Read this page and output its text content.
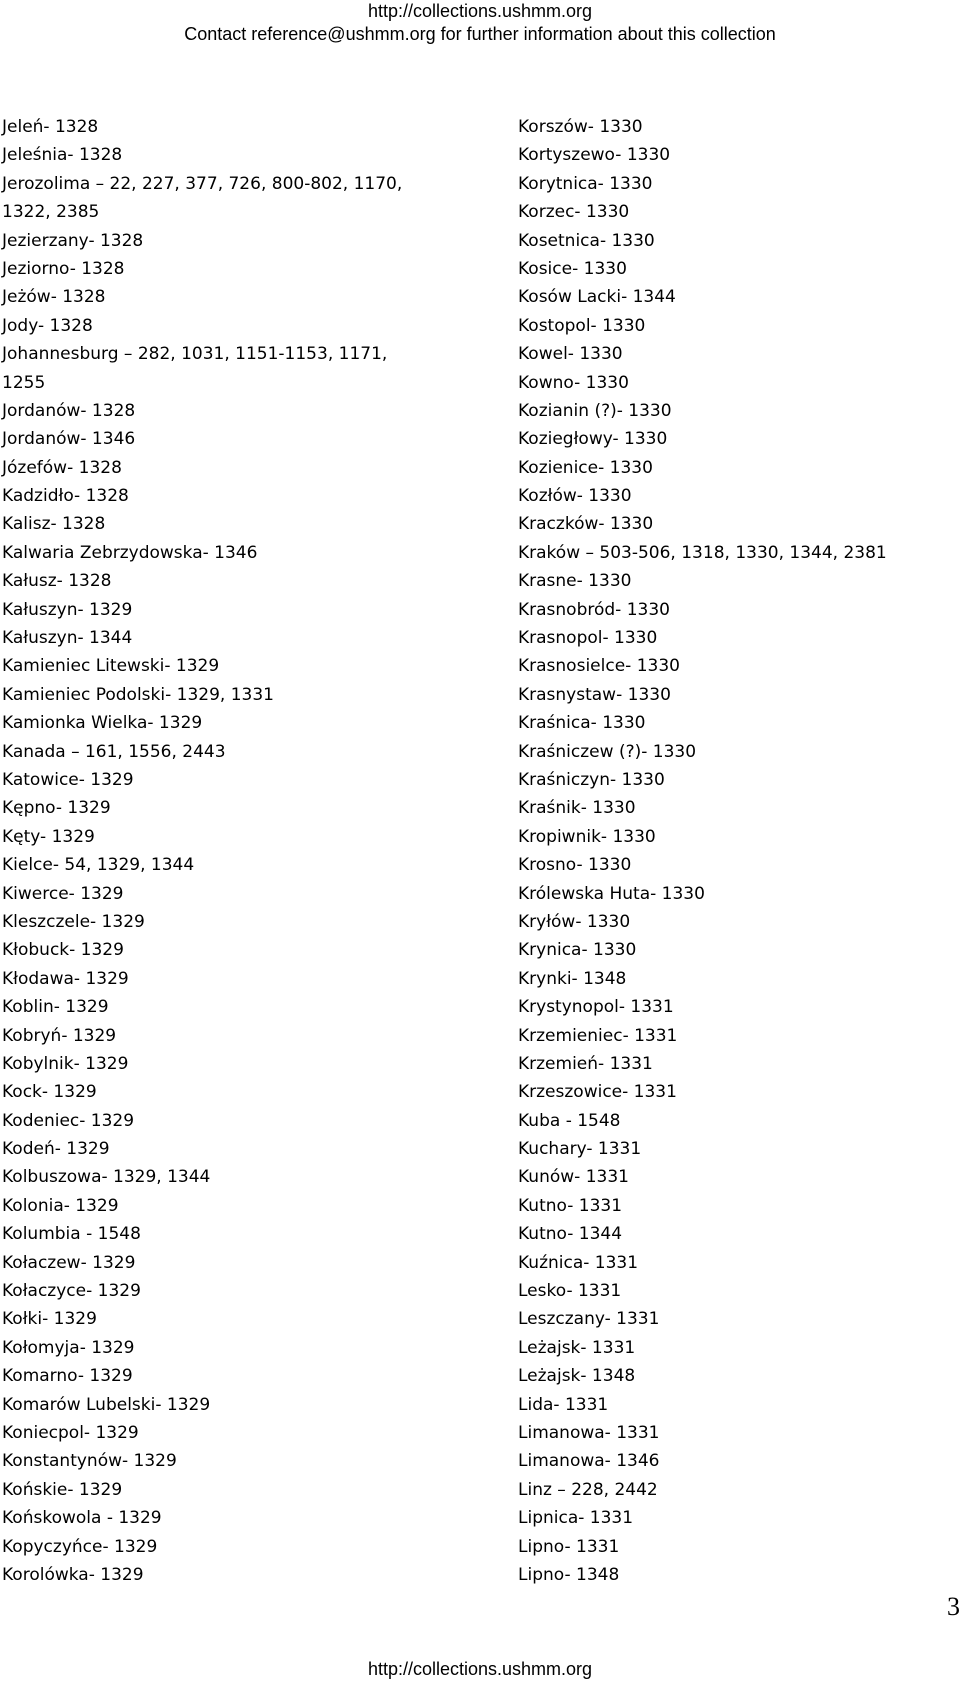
http://collections.ushmm.org
Contact reference@ushmm.org for further information about this collection
Jeleń- 1328
Jeleśnia- 1328
Jerozolima – 22, 227, 377, 726, 800-802, 1170,
1322, 2385
Jezierzany- 1328
Jeziorno- 1328
Jeżów- 1328
Jody- 1328
Johannesburg – 282, 1031, 1151-1153, 1171,
1255
Jordanów- 1328
Jordanów- 1346
Józefów- 1328
Kadzidło- 1328
Kalisz- 1328
Kalwaria Zebrzydowska- 1346
Kałusz- 1328
Kałuszyn- 1329
Kałuszyn- 1344
Kamieniec Litewski- 1329
Kamieniec Podolski- 1329, 1331
Kamionka Wielka- 1329
Kanada – 161, 1556, 2443
Katowice- 1329
Kępno- 1329
Kęty- 1329
Kielce- 54, 1329, 1344
Kiwerce- 1329
Kleszczele- 1329
Kłobuck- 1329
Kłodawa- 1329
Koblin- 1329
Kobryń- 1329
Kobylnik- 1329
Kock- 1329
Kodeniec- 1329
Kodeń- 1329
Kolbuszowa- 1329, 1344
Kolonia- 1329
Kolumbia - 1548
Kołaczew- 1329
Kołaczyce- 1329
Kołki- 1329
Kołomyja- 1329
Komarno- 1329
Komarów Lubelski- 1329
Koniecpol- 1329
Konstantynów- 1329
Końskie- 1329
Końskowola - 1329
Kopyczyńce- 1329
Korolówka- 1329
Korszów- 1330
Kortyszewo- 1330
Korytnica- 1330
Korzec- 1330
Kosetnica- 1330
Kosice- 1330
Kosów Lacki- 1344
Kostopol- 1330
Kowel- 1330
Kowno- 1330
Kozianin (?)- 1330
Koziegłowy- 1330
Kozienice- 1330
Kozłów- 1330
Kraczków- 1330
Kraków – 503-506, 1318, 1330, 1344, 2381
Krasne- 1330
Krasnobród- 1330
Krasnopol- 1330
Krasnosielce- 1330
Krasnystaw- 1330
Kraśnica- 1330
Kraśniczew (?)- 1330
Kraśniczyn- 1330
Kraśnik- 1330
Kropiwnik- 1330
Krosno- 1330
Królewska Huta- 1330
Kryłów- 1330
Krynica- 1330
Krynki- 1348
Krystynopol- 1331
Krzemieniec- 1331
Krzemień- 1331
Krzeszowice- 1331
Kuba - 1548
Kuchary- 1331
Kunów- 1331
Kutno- 1331
Kutno- 1344
Kuźnica- 1331
Lesko- 1331
Leszczany- 1331
Leżajsk- 1331
Leżajsk- 1348
Lida- 1331
Limanowa- 1331
Limanowa- 1346
Linz – 228, 2442
Lipnica- 1331
Lipno- 1331
Lipno- 1348
3
http://collections.ushmm.org
